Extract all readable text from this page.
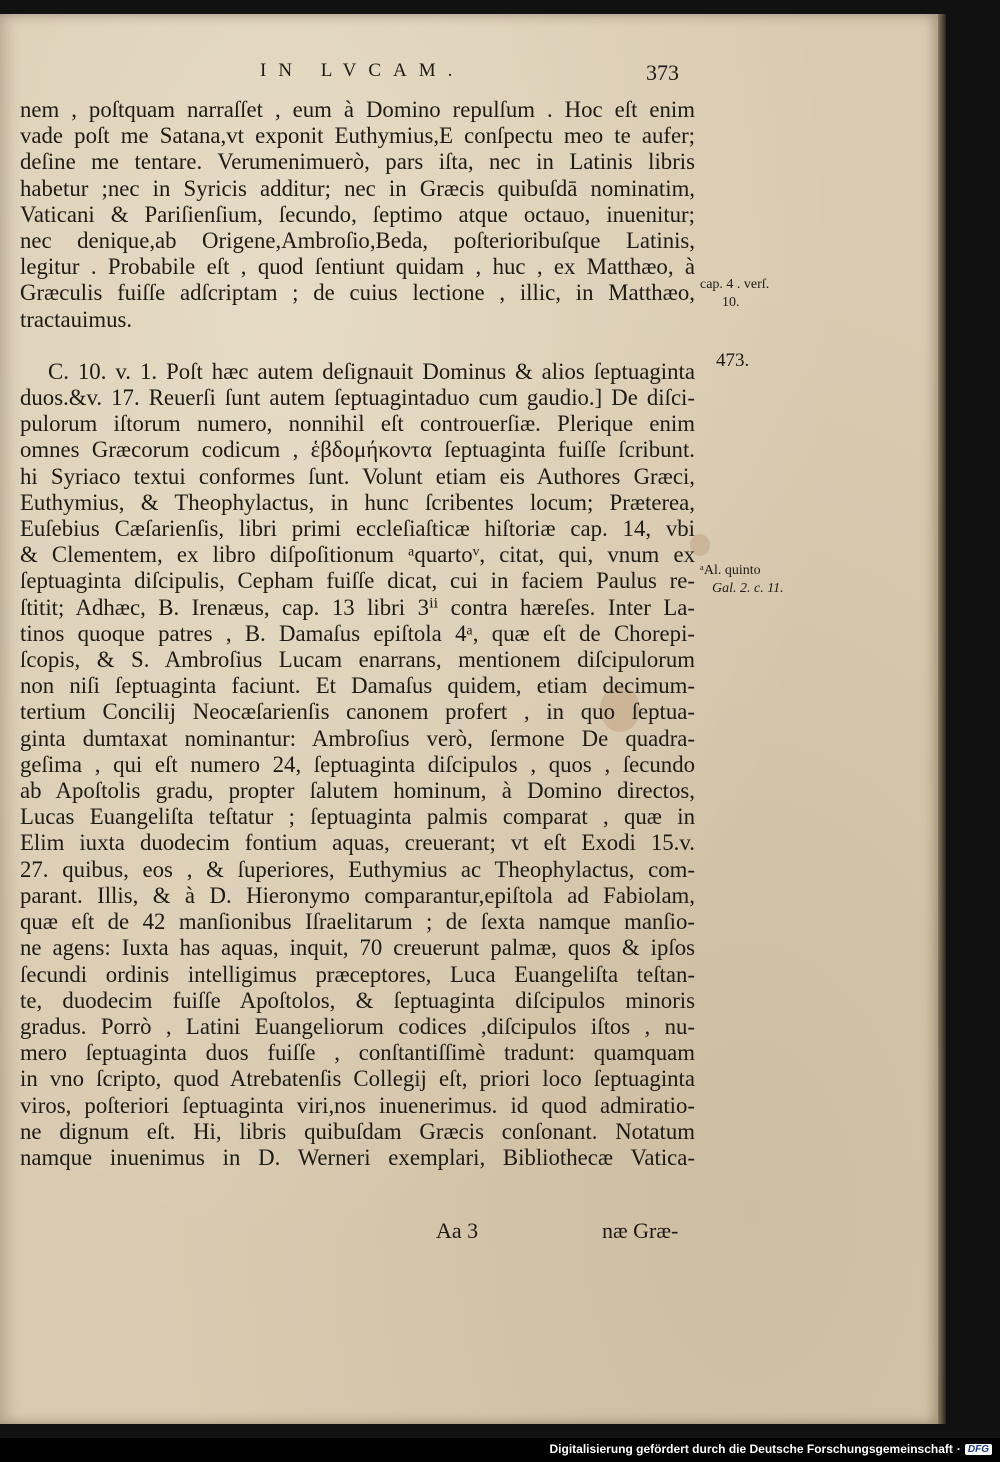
IN LVCAM.	373
nem , poſtquam narraſſet , eum à Domino repulſum . Hoc eſt enim
vade poſt me Satana,vt exponit Euthymius,E conſpectu meo te aufer;
deſine me tentare. Verumenimuerò, pars iſta, nec in Latinis libris
habetur ;nec in Syricis additur; nec in Græcis quibuſdā nominatim,
Vaticani & Pariſienſium, ſecundo, ſeptimo atque octauo, inuenitur;
nec denique,ab Origene,Ambroſio,Beda, poſterioribuſque Latinis,
legitur . Probabile eſt , quod ſentiunt quidam , huc , ex Matthæo, à
Græculis fuiſſe adſcriptam ; de cuius lectione , illic, in Matthæo,
tractauimus.
C. 10. v. 1. Poſt hæc autem deſignauit Dominus & alios ſeptuaginta
duos.&v. 17. Reuerſi ſunt autem ſeptuagintaduo cum gaudio.] De diſci-
pulorum iſtorum numero, nonnihil eſt controuerſiæ. Plerique enim
omnes Græcorum codicum , ἑβδομήκοντα ſeptuaginta fuiſſe ſcribunt.
hi Syriaco textui conformes ſunt. Volunt etiam eis Authores Græci,
Euthymius, & Theophylactus, in hunc ſcribentes locum; Præterea,
Euſebius Cæſarienſis, libri primi eccleſiaſticæ hiſtoriæ cap. 14, vbi
& Clementem, ex libro diſpoſitionum ᵃquartoᵛ, citat, qui, vnum ex
ſeptuaginta diſcipulis, Cepham fuiſſe dicat, cui in faciem Paulus re-
ſtitit; Adhæc, B. Irenæus, cap. 13 libri 3ⁱⁱ contra hæreſes. Inter La-
tinos quoque patres , B. Damaſus epiſtola 4ᵃ, quæ eſt de Chorepi-
ſcopis, & S. Ambroſius Lucam enarrans, mentionem diſcipulorum
non niſi ſeptuaginta faciunt. Et Damaſus quidem, etiam decimum-
tertium Concilij Neocæſarienſis canonem profert , in quo ſeptua-
ginta dumtaxat nominantur: Ambroſius verò, ſermone De quadra-
geſima , qui eſt numero 24, ſeptuaginta diſcipulos , quos , ſecundo
ab Apoſtolis gradu, propter ſalutem hominum, à Domino directos,
Lucas Euangeliſta teſtatur ; ſeptuaginta palmis comparat , quæ in
Elim iuxta duodecim fontium aquas, creuerant; vt eſt Exodi 15.v.
27. quibus, eos , & ſuperiores, Euthymius ac Theophylactus, com-
parant. Illis, & à D. Hieronymo comparantur,epiſtola ad Fabiolam,
quæ eſt de 42 manſionibus Iſraelitarum ; de ſexta namque manſio-
ne agens: Iuxta has aquas, inquit, 70 creuerunt palmæ, quos & ipſos
ſecundi ordinis intelligimus præceptores, Luca Euangeliſta teſtan-
te, duodecim fuiſſe Apoſtolos, & ſeptuaginta diſcipulos minoris
gradus. Porrò , Latini Euangeliorum codices ,diſcipulos iſtos , nu-
mero ſeptuaginta duos fuiſſe , conſtantiſſimè tradunt: quamquam
in vno ſcripto, quod Atrebatenſis Collegij eſt, priori loco ſeptuaginta
viros, poſteriori ſeptuaginta viri,nos inuenerimus. id quod admiratio-
ne dignum eſt. Hi, libris quibuſdam Græcis conſonant. Notatum
namque inuenimus in D. Werneri exemplari, Bibliothecæ Vatica-
cap. 4 . verſ.
10.
473.
ᵃAl. quinto
Gal. 2. c. 11.
Aa 3	næ Græ-
Digitalisierung gefördert durch die Deutsche Forschungsgemeinschaft · DFG
